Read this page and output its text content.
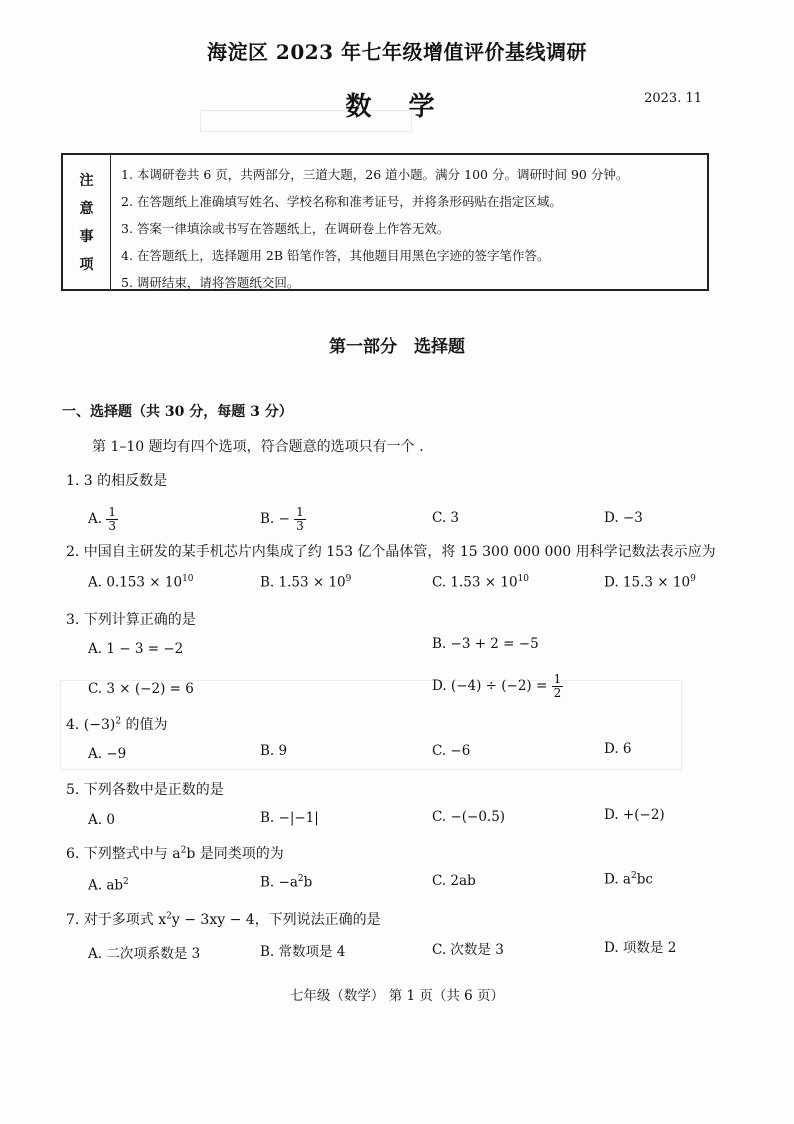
海淀区 2023 年七年级增值评价基线调研
数 学	2023. 11
注
意
事
项
1. 本调研卷共 6 页，共两部分，三道大题，26 道小题。满分 100 分。调研时间 90 分钟。
2. 在答题纸上准确填写姓名、学校名称和准考证号，并将条形码贴在指定区域。
3. 答案一律填涂或书写在答题纸上，在调研卷上作答无效。
4. 在答题纸上，选择题用 2B 铅笔作答，其他题目用黑色字迹的签字笔作答。
5. 调研结束，请将答题纸交回。
第一部分　选择题
一、选择题（共 30 分，每题 3 分）
第 1–10 题均有四个选项，符合题意的选项只有一个 .
1. 3 的相反数是
A. $\frac{1}{3}$	B. − $\frac{1}{3}$	C. 3	D. −3
2. 中国自主研发的某手机芯片内集成了约 153 亿个晶体管，将 15 300 000 000 用科学记数法表示应为
A. $0.153 \times 10^{10}$	B. $1.53 \times 10^9$	C. $1.53 \times 10^{10}$	D. $15.3 \times 10^9$
3. 下列计算正确的是
A. 1 − 3 = −2	B. −3 + 2 = −5
C. 3 × (−2) = 6	D. $(-4) \div (-2) = \frac{1}{2}$
4. $(-3)^2$ 的值为
A. −9	B. 9	C. −6	D. 6
5. 下列各数中是正数的是
A. 0	B. −|−1|	C. −(−0.5)	D. +(−2)
6. 下列整式中与 $a^2b$ 是同类项的为
A. $ab^2$	B. $-a^2b$	C. 2ab	D. $a^2bc$
7. 对于多项式 $x^2y - 3xy - 4$，下列说法正确的是
A. 二次项系数是 3	B. 常数项是 4	C. 次数是 3	D. 项数是 2
七年级（数学） 第 1 页（共 6 页）
